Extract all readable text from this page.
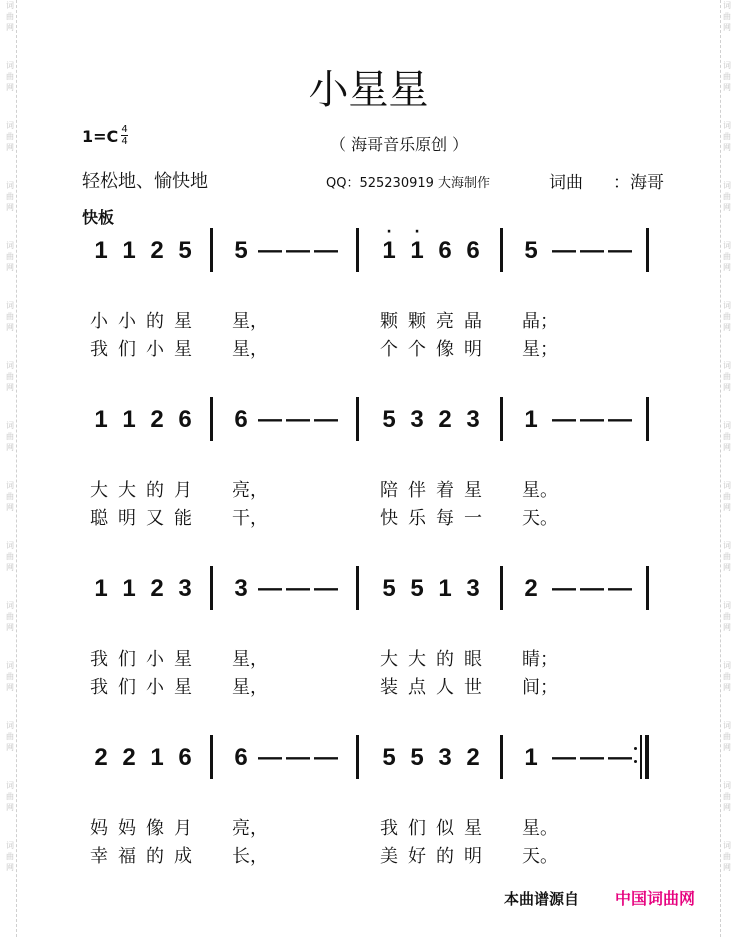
词
曲
网
词
曲
网
词
曲
网
词
曲
网
词
曲
网
词
曲
网
词
曲
网
词
曲
网
词
曲
网
词
曲
网
词
曲
网
词
曲
网
词
曲
网
词
曲
网
词
曲
网
词
曲
网
词
曲
网
词
曲
网
词
曲
网
词
曲
网
词
曲
网
词
曲
网
词
曲
网
词
曲
网
词
曲
网
词
曲
网
词
曲
网
词
曲
网
词
曲
网
词
曲
网
小星星
1=C 4
4	（ 海哥音乐原创 ）
轻松地、愉快地	QQ：525230919 大海制作	词曲 ：海哥
快板
1 1 2 5 5 — — — 1
·
1
·
6 6 5 — — —
小 小 的 星 星，	颗 颗 亮 晶 晶；
我 们 小 星 星，	个 个 像 明 星；
1 1 2 6 6 — — — 5 3 2 3 1 — — —
大 大 的 月 亮，	陪 伴 着 星 星。
聪 明 又 能 干，	快 乐 每 一 天。
1 1 2 3 3 — — — 5 5 1 3 2 — — —
我 们 小 星 星，	大 大 的 眼 睛；
我 们 小 星 星，	装 点 人 世 间；
2 2 1 6 6 — — — 5 5 3 2 1 — — —
妈 妈 像 月 亮，	我 们 似 星 星。
幸 福 的 成 长，	美 好 的 明 天。
本曲谱源自 中国词曲网
